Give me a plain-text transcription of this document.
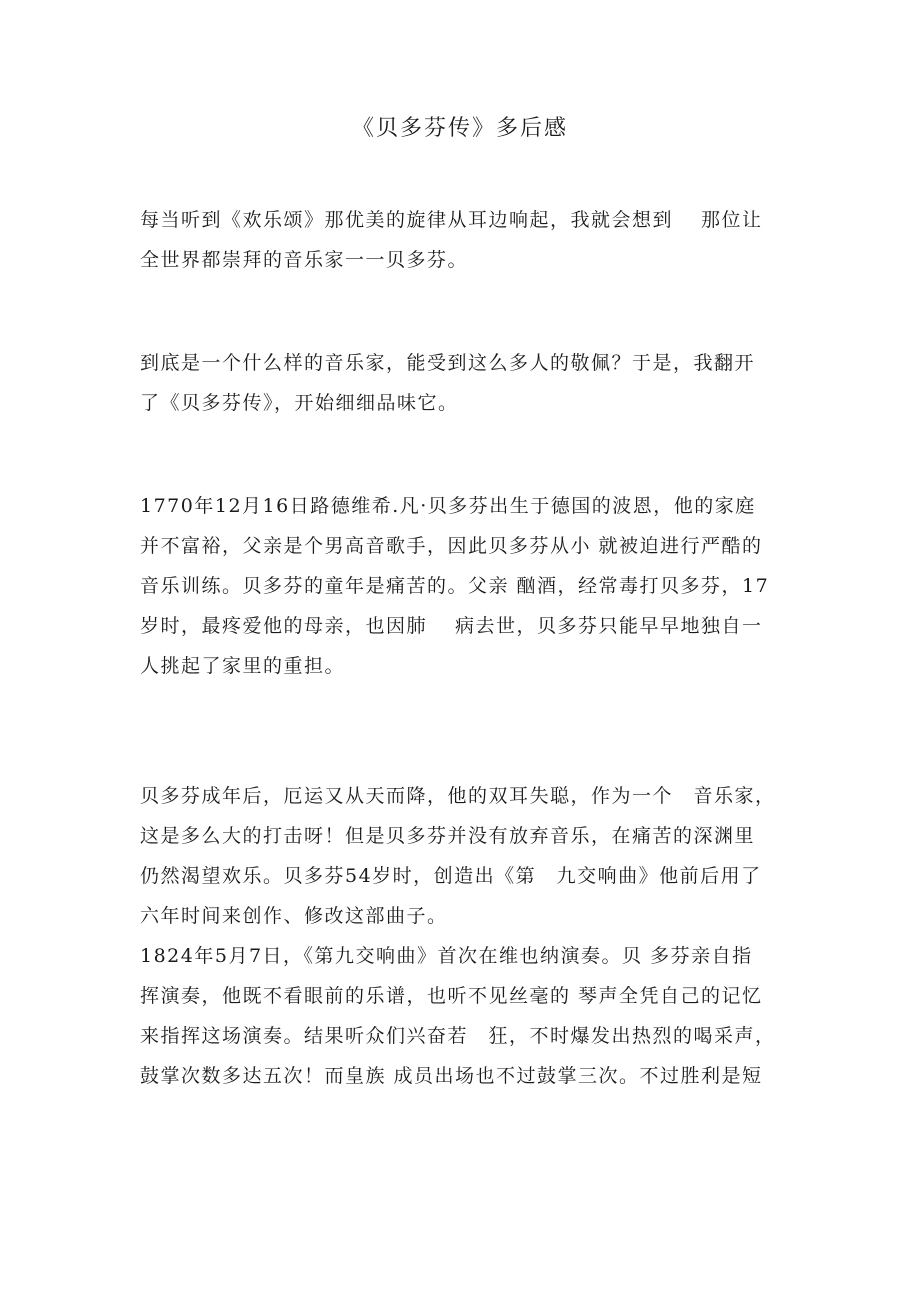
《贝多芬传》多后感
每当听到《欢乐颂》那优美的旋律从耳边响起，我就会想到　 那位让
全世界都崇拜的音乐家一一贝多芬。
到底是一个什么样的音乐家，能受到这么多人的敬佩？于是，我翻开
了《贝多芬传》，开始细细品味它。
1770年12月16日路德维希.凡·贝多芬出生于德国的波恩，他的家庭
并不富裕，父亲是个男高音歌手，因此贝多芬从小 就被迫进行严酷的
音乐训练。贝多芬的童年是痛苦的。父亲 酗酒，经常毒打贝多芬，17
岁时，最疼爱他的母亲，也因肺　 病去世，贝多芬只能早早地独自一
人挑起了家里的重担。
贝多芬成年后，厄运又从天而降，他的双耳失聪，作为一个　音乐家，
这是多么大的打击呀！但是贝多芬并没有放弃音乐，在痛苦的深渊里
仍然渴望欢乐。贝多芬54岁时，创造出《第　九交响曲》他前后用了
六年时间来创作、修改这部曲子。
1824年5月7日，《第九交响曲》首次在维也纳演奏。贝 多芬亲自指
挥演奏，他既不看眼前的乐谱，也听不见丝毫的 琴声全凭自己的记忆
来指挥这场演奏。结果听众们兴奋若　狂，不时爆发出热烈的喝采声，
鼓掌次数多达五次！而皇族 成员出场也不过鼓掌三次。不过胜利是短
